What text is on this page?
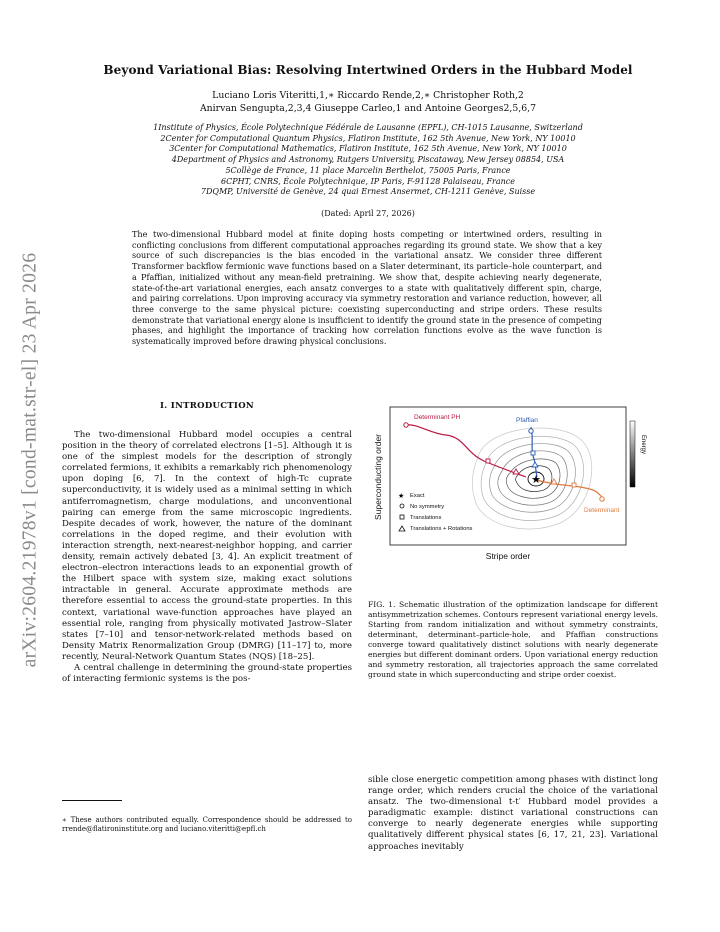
arXiv:2604.21978v1 [cond-mat.str-el] 23 Apr 2026
Beyond Variational Bias: Resolving Intertwined Orders in the Hubbard Model
Luciano Loris Viteritti,1,∗ Riccardo Rende,2,∗ Christopher Roth,2
Anirvan Sengupta,2,3,4 Giuseppe Carleo,1 and Antoine Georges2,5,6,7
1Institute of Physics, École Polytechnique Fédérale de Lausanne (EPFL), CH-1015 Lausanne, Switzerland
2Center for Computational Quantum Physics, Flatiron Institute, 162 5th Avenue, New York, NY 10010
3Center for Computational Mathematics, Flatiron Institute, 162 5th Avenue, New York, NY 10010
4Department of Physics and Astronomy, Rutgers University, Piscataway, New Jersey 08854, USA
5Collège de France, 11 place Marcelin Berthelot, 75005 Paris, France
6CPHT, CNRS, École Polytechnique, IP Paris, F-91128 Palaiseau, France
7DQMP, Université de Genève, 24 quai Ernest Ansermet, CH-1211 Genève, Suisse
(Dated: April 27, 2026)
The two-dimensional Hubbard model at finite doping hosts competing or intertwined orders, resulting in conflicting conclusions from different computational approaches regarding its ground state. We show that a key source of such discrepancies is the bias encoded in the variational ansatz. We consider three different Transformer backflow fermionic wave functions based on a Slater determinant, its particle–hole counterpart, and a Pfaffian, initialized without any mean-field pretraining. We show that, despite achieving nearly degenerate, state-of-the-art variational energies, each ansatz converges to a state with qualitatively different spin, charge, and pairing correlations. Upon improving accuracy via symmetry restoration and variance reduction, however, all three converge to the same physical picture: coexisting superconducting and stripe orders. These results demonstrate that variational energy alone is insufficient to identify the ground state in the presence of competing phases, and highlight the importance of tracking how correlation functions evolve as the wave function is systematically improved before drawing physical conclusions.
I. INTRODUCTION

The two-dimensional Hubbard model occupies a central position in the theory of correlated electrons [1–5]. Although it is one of the simplest models for the description of strongly correlated fermions, it exhibits a remarkably rich phenomenology upon doping [6, 7]. In the context of high-Tc cuprate superconductivity, it is widely used as a minimal setting in which antiferromagnetism, charge modulations, and unconventional pairing can emerge from the same microscopic ingredients. Despite decades of work, however, the nature of the dominant correlations in the doped regime, and their evolution with interaction strength, next-nearest-neighbor hopping, and carrier density, remain actively debated [3, 4]. An explicit treatment of electron–electron interactions leads to an exponential growth of the Hilbert space with system size, making exact solutions intractable in general. Accurate approximate methods are therefore essential to access the ground-state properties. In this context, variational wave-function approaches have played an essential role, ranging from physically motivated Jastrow–Slater states [7–10] and tensor-network-related methods based on Density Matrix Renormalization Group (DMRG) [11–17] to, more recently, Neural-Network Quantum States (NQS) [18–25].

A central challenge in determining the ground-state properties of interacting fermionic systems is the pos-

∗ These authors contributed equally. Correspondence should be addressed to rrende@flatironinstitute.org and luciano.viteritti@epfl.ch
★
Determinant PH	Pfaffian
Determinant
★ Exact
No symmetry
Translations
Translations + Rotations
Energy
Superconducting order
Stripe order
FIG. 1. Schematic illustration of the optimization landscape for different antisymmetrization schemes. Contours represent variational energy levels. Starting from random initialization and without symmetry constraints, determinant, determinant–particle-hole, and Pfaffian constructions converge toward qualitatively distinct solutions with nearly degenerate energies but different dominant orders. Upon variational energy reduction and symmetry restoration, all trajectories approach the same correlated ground state in which superconducting and stripe order coexist.

sible close energetic competition among phases with distinct long range order, which renders crucial the choice of the variational ansatz. The two-dimensional t-t′ Hubbard model provides a paradigmatic example: distinct variational constructions can converge to nearly degenerate energies while supporting qualitatively different physical states [6, 17, 21, 23]. Variational approaches inevitably
